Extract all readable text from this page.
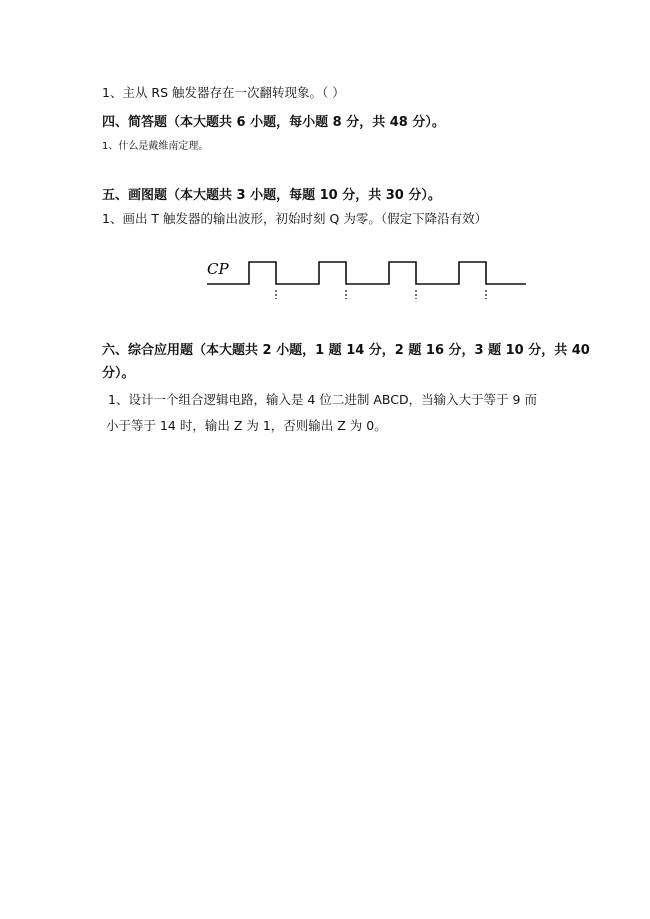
1、主从 RS 触发器存在一次翻转现象。（ ）
四、简答题（本大题共 6 小题，每小题 8 分，共 48 分）。
1、什么是戴维南定理。
五、画图题（本大题共 3 小题，每题 10 分，共 30 分）。
1、画出 T 触发器的输出波形，初始时刻 Q 为零。（假定下降沿有效）
CP
六、综合应用题（本大题共 2 小题，1 题 14 分，2 题 16 分，3 题 10 分，共 40
分）。
1、设计一个组合逻辑电路，输入是 4 位二进制 ABCD，当输入大于等于 9 而
小于等于 14 时，输出 Z 为 1，否则输出 Z 为 0。
